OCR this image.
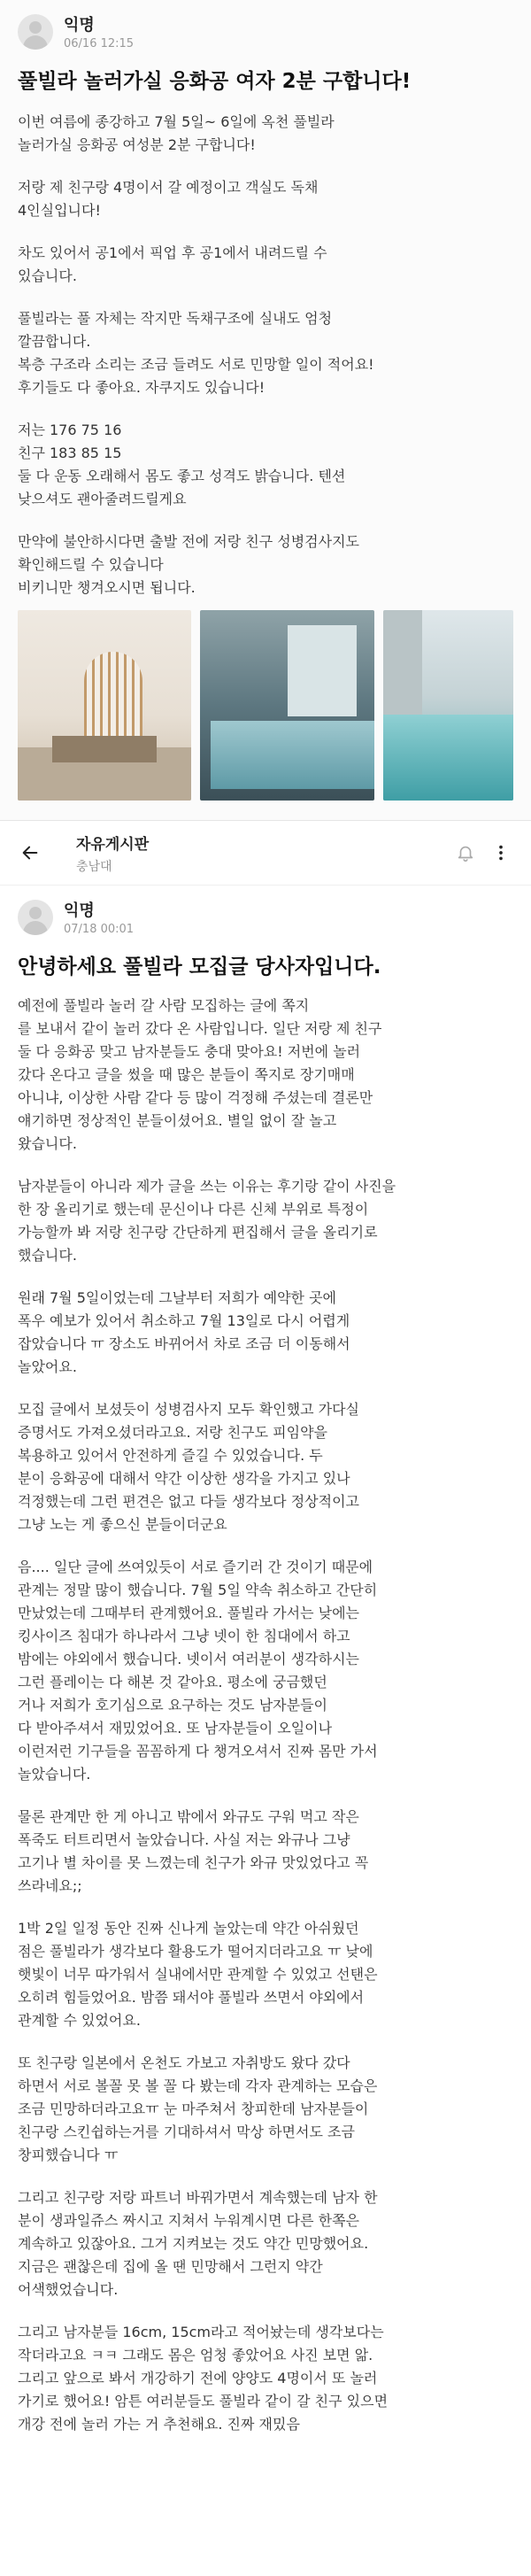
익명
06/16 12:15
풀빌라 놀러가실 응화공 여자 2분 구합니다!
이번 여름에 종강하고 7월 5일~ 6일에 옥천 풀빌라
놀러가실 응화공 여성분 2분 구합니다!
저랑 제 친구랑 4명이서 갈 예정이고 객실도 독채
4인실입니다!
차도 있어서 공1에서 픽업 후 공1에서 내려드릴 수
있습니다.
풀빌라는 풀 자체는 작지만 독채구조에 실내도 엄청
깔끔합니다.
복층 구조라 소리는 조금 들려도 서로 민망할 일이 적어요!
후기들도 다 좋아요. 자쿠지도 있습니다!
저는 176 75 16
친구 183 85 15
둘 다 운동 오래해서 몸도 좋고 성격도 밝습니다. 텐션
낮으셔도 괜아줄려드릴게요
만약에 불안하시다면 출발 전에 저랑 친구 성병검사지도
확인해드릴 수 있습니다
비키니만 챙겨오시면 됩니다.
자유게시판
충남대
익명
07/18 00:01
안녕하세요 풀빌라 모집글 당사자입니다.
예전에 풀빌라 놀러 갈 사람 모집하는 글에 쪽지
를 보내서 같이 놀러 갔다 온 사람입니다. 일단 저랑 제 친구
둘 다 응화공 맞고 남자분들도 충대 맞아요! 저번에 놀러
갔다 온다고 글을 썼을 때 많은 분들이 쪽지로 장기매매
아니냐, 이상한 사람 같다 등 많이 걱정해 주셨는데 결론만
얘기하면 정상적인 분들이셨어요. 별일 없이 잘 놀고
왔습니다.
남자분들이 아니라 제가 글을 쓰는 이유는 후기랑 같이 사진을
한 장 올리기로 했는데 문신이나 다른 신체 부위로 특정이
가능할까 봐 저랑 친구랑 간단하게 편집해서 글을 올리기로
했습니다.
원래 7월 5일이었는데 그날부터 저희가 예약한 곳에
폭우 예보가 있어서 취소하고 7월 13일로 다시 어렵게
잡았습니다 ㅠ 장소도 바뀌어서 차로 조금 더 이동해서
놀았어요.
모집 글에서 보셨듯이 성병검사지 모두 확인했고 가다실
증명서도 가져오셨더라고요. 저랑 친구도 피임약을
복용하고 있어서 안전하게 즐길 수 있었습니다. 두
분이 응화공에 대해서 약간 이상한 생각을 가지고 있나
걱정했는데 그런 편견은 없고 다들 생각보다 정상적이고
그냥 노는 게 좋으신 분들이더군요
음.... 일단 글에 쓰여있듯이 서로 즐기러 간 것이기 때문에
관계는 정말 많이 했습니다. 7월 5일 약속 취소하고 간단히
만났었는데 그때부터 관계했어요. 풀빌라 가서는 낮에는
킹사이즈 침대가 하나라서 그냥 넷이 한 침대에서 하고
밤에는 야외에서 했습니다. 넷이서 여러분이 생각하시는
그런 플레이는 다 해본 것 같아요. 평소에 궁금했던
거나 저희가 호기심으로 요구하는 것도 남자분들이
다 받아주셔서 재밌었어요. 또 남자분들이 오일이나
이런저런 기구들을 꼼꼼하게 다 챙겨오셔서 진짜 몸만 가서
놀았습니다.
물론 관계만 한 게 아니고 밖에서 와규도 구워 먹고 작은
폭죽도 터트리면서 놀았습니다. 사실 저는 와규나 그냥
고기나 별 차이를 못 느꼈는데 친구가 와규 맛있었다고 꼭
쓰라네요;;
1박 2일 일정 동안 진짜 신나게 놀았는데 약간 아쉬웠던
점은 풀빌라가 생각보다 활용도가 떨어지더라고요 ㅠ 낮에
햇빛이 너무 따가워서 실내에서만 관계할 수 있었고 선탠은
오히려 힘들었어요. 밤쯤 돼서야 풀빌라 쓰면서 야외에서
관계할 수 있었어요.
또 친구랑 일본에서 온천도 가보고 자취방도 왔다 갔다
하면서 서로 볼꼴 못 볼 꼴 다 봤는데 각자 관계하는 모습은
조금 민망하더라고요ㅠ 눈 마주쳐서 창피한데 남자분들이
친구랑 스킨쉽하는거를 기대하셔서 막상 하면서도 조금
창피했습니다 ㅠ
그리고 친구랑 저랑 파트너 바꿔가면서 계속했는데 남자 한
분이 생과일쥬스 짜시고 지쳐서 누워계시면 다른 한쪽은
계속하고 있잖아요. 그거 지켜보는 것도 약간 민망했어요.
지금은 괜찮은데 집에 올 땐 민망해서 그런지 약간
어색했었습니다.
그리고 남자분들 16cm, 15cm라고 적어놨는데 생각보다는
작더라고요 ㅋㅋ 그래도 몸은 엄청 좋았어요 사진 보면 앎.
그리고 앞으로 봐서 개강하기 전에 양양도 4명이서 또 놀러
가기로 했어요! 암튼 여러분들도 풀빌라 같이 갈 친구 있으면
개강 전에 놀러 가는 거 추천해요. 진짜 재밌음
